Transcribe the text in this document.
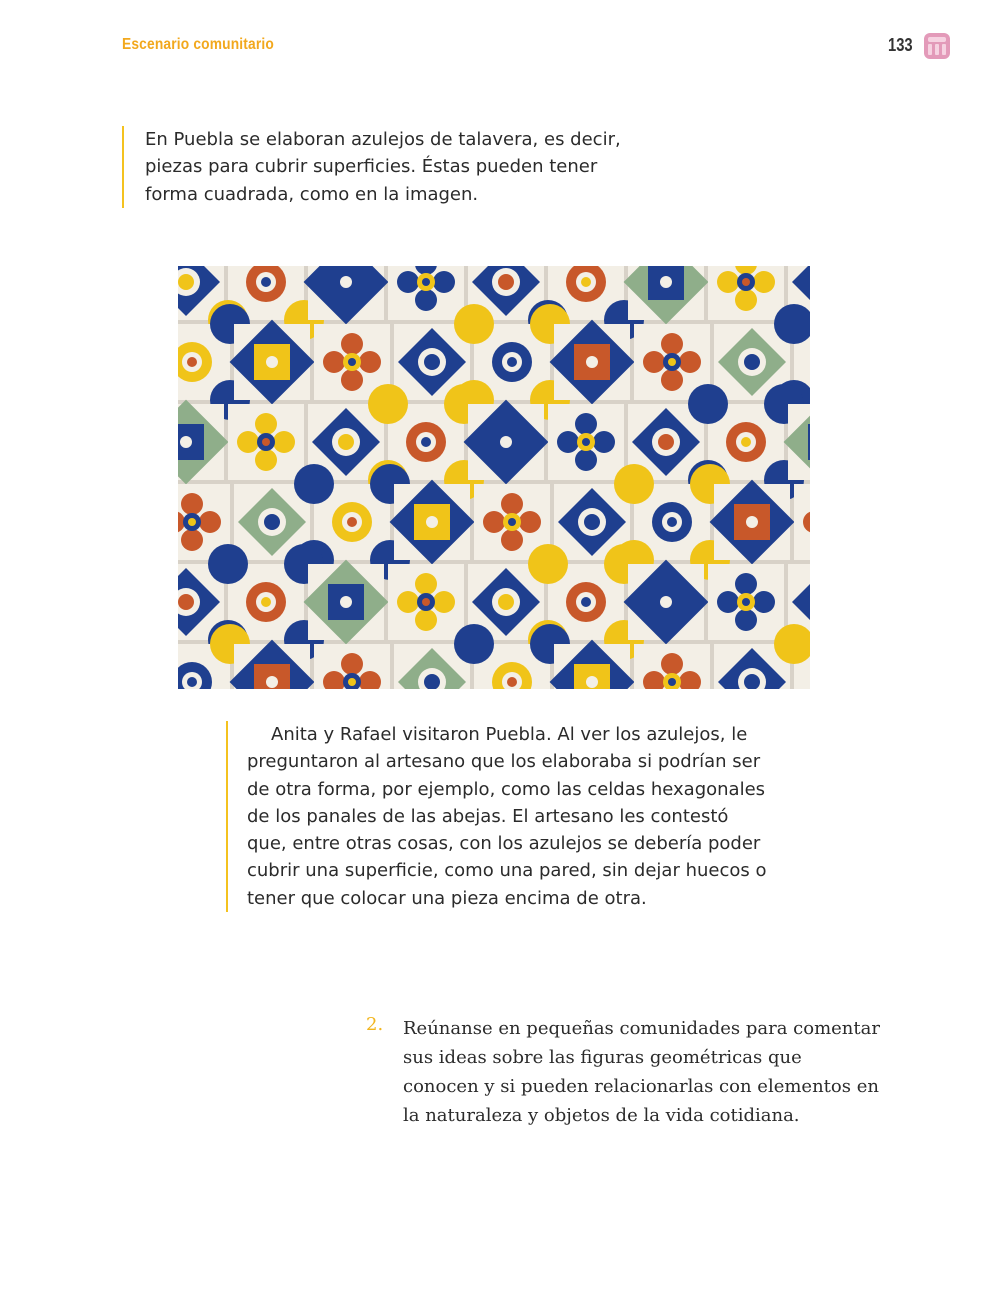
Escenario comunitario	133

En Puebla se elaboran azulejos de talavera, es decir, piezas para cubrir superficies. Éstas pueden tener forma cuadrada, como en la imagen.

Anita y Rafael visitaron Puebla. Al ver los azulejos, le preguntaron al artesano que los elaboraba si podrían ser de otra forma, por ejemplo, como las celdas hexagonales de los panales de las abejas. El artesano les contestó que, entre otras cosas, con los azulejos se debería poder cubrir una superficie, como una pared, sin dejar huecos o tener que colocar una pieza encima de otra.

2. Reúnanse en pequeñas comunidades para comentar sus ideas sobre las figuras geométricas que conocen y si pueden relacionarlas con elementos en la naturaleza y objetos de la vida cotidiana.
